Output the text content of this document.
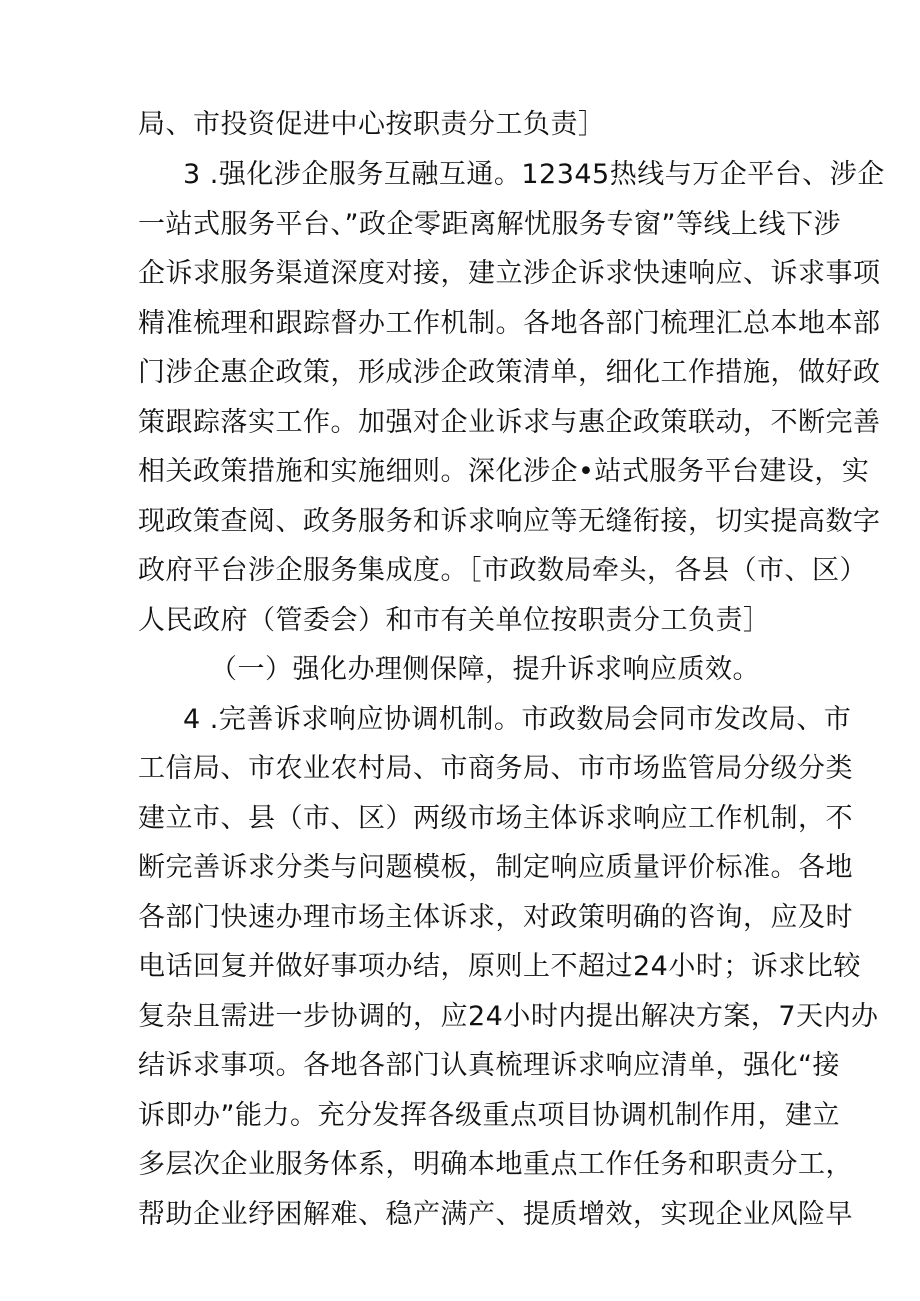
局、市投资促进中心按职责分工负责］
3 .强化涉企服务互融互通。12345热线与万企平台、涉企
一站式服务平台、”政企零距离解忧服务专窗”等线上线下涉
企诉求服务渠道深度对接，建立涉企诉求快速响应、诉求事项
精准梳理和跟踪督办工作机制。各地各部门梳理汇总本地本部
门涉企惠企政策，形成涉企政策清单，细化工作措施，做好政
策跟踪落实工作。加强对企业诉求与惠企政策联动，不断完善
相关政策措施和实施细则。深化涉企•站式服务平台建设，实
现政策查阅、政务服务和诉求响应等无缝衔接，切实提高数字
政府平台涉企服务集成度。［市政数局牵头，各县（市、区）
人民政府（管委会）和市有关单位按职责分工负责］
（一）强化办理侧保障，提升诉求响应质效。
4 .完善诉求响应协调机制。市政数局会同市发改局、市
工信局、市农业农村局、市商务局、市市场监管局分级分类
建立市、县（市、区）两级市场主体诉求响应工作机制，不
断完善诉求分类与问题模板，制定响应质量评价标准。各地
各部门快速办理市场主体诉求，对政策明确的咨询，应及时
电话回复并做好事项办结，原则上不超过24小时；诉求比较
复杂且需进一步协调的，应24小时内提出解决方案，7天内办
结诉求事项。各地各部门认真梳理诉求响应清单，强化“接
诉即办”能力。充分发挥各级重点项目协调机制作用，建立
多层次企业服务体系，明确本地重点工作任务和职责分工，
帮助企业纾困解难、稳产满产、提质增效，实现企业风险早
